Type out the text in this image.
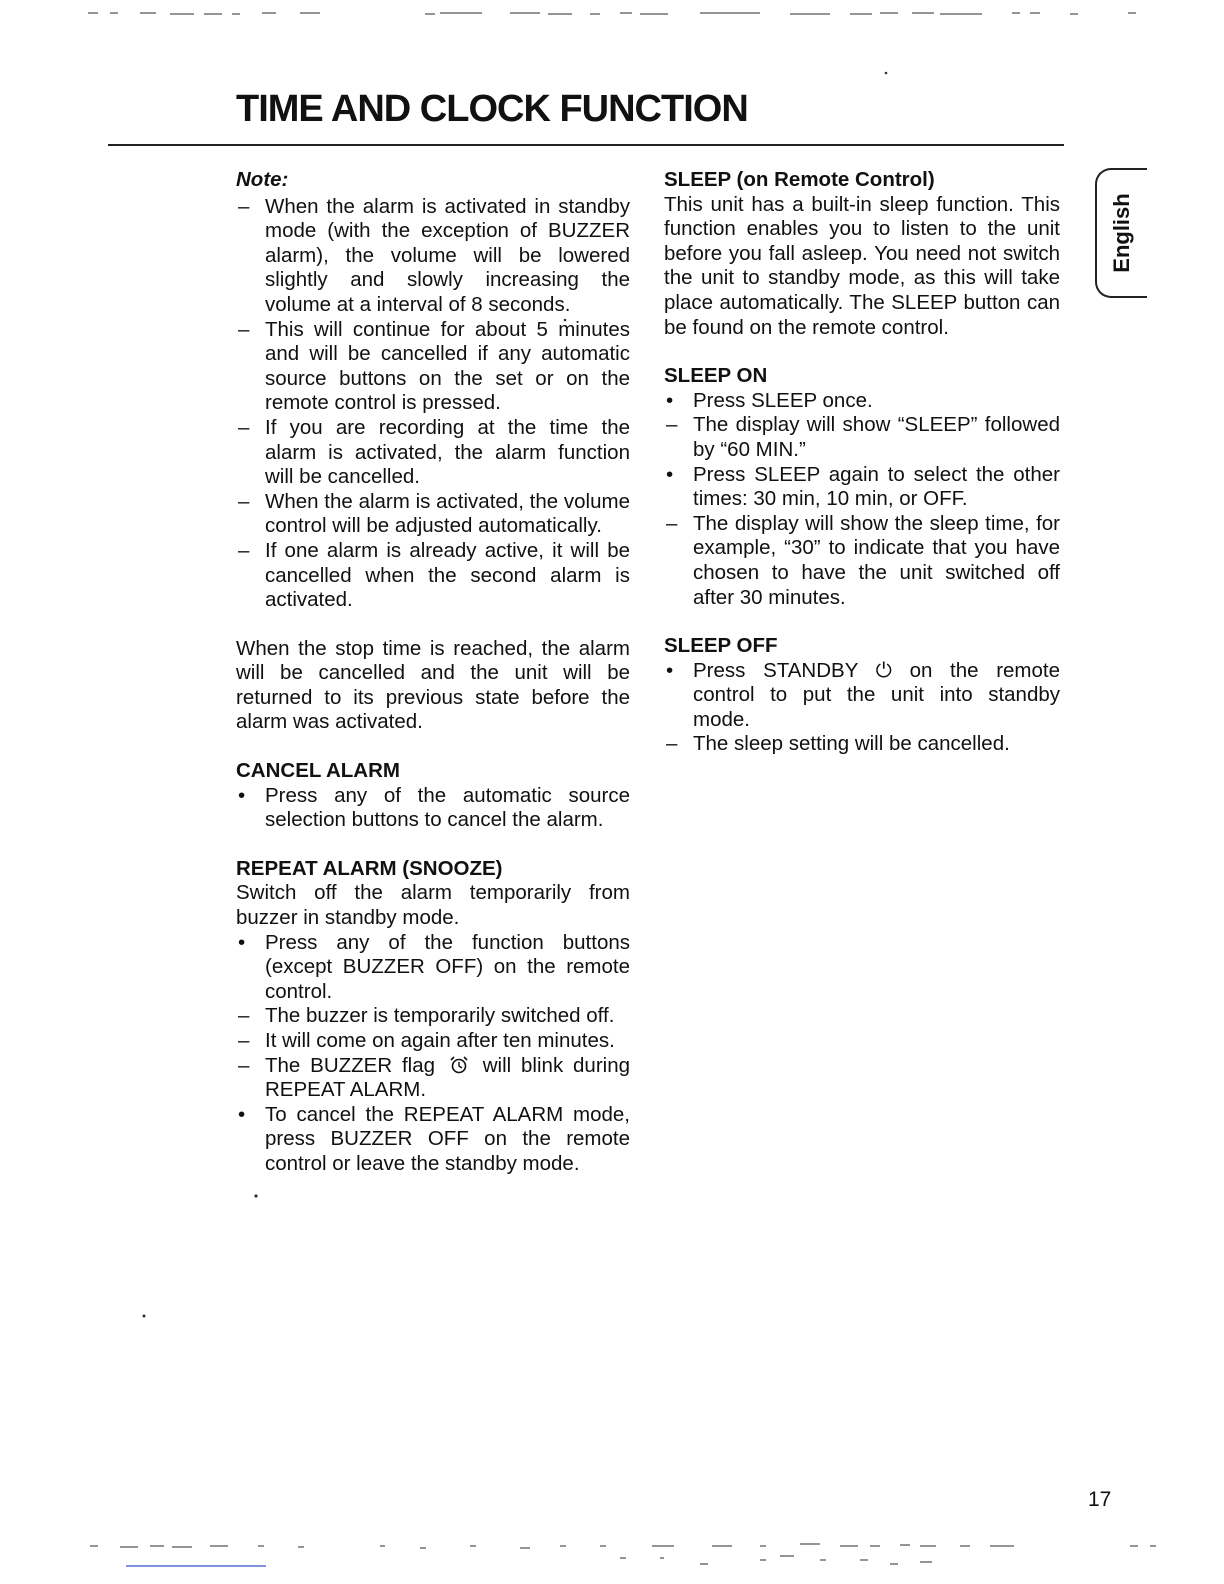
TIME AND CLOCK FUNCTION
English
Note:
– When the alarm is activated in standby mode (with the exception of BUZZER alarm), the volume will be lowered slightly and slowly increasing the volume at a interval of 8 seconds.
– This will continue for about 5 minutes and will be cancelled if any automatic source buttons on the set or on the remote control is pressed.
– If you are recording at the time the alarm is activated, the alarm function will be cancelled.
– When the alarm is activated, the volume control will be adjusted automatically.
– If one alarm is already active, it will be cancelled when the second alarm is activated.

When the stop time is reached, the alarm will be cancelled and the unit will be returned to its previous state before the alarm was activated.

CANCEL ALARM

• Press any of the automatic source selection buttons to cancel the alarm.

REPEAT ALARM (SNOOZE)

Switch off the alarm temporarily from buzzer in standby mode.

• Press any of the function buttons (except BUZZER OFF) on the remote control.
– The buzzer is temporarily switched off.
– It will come on again after ten minutes.
– The BUZZER flag will blink during REPEAT ALARM.
• To cancel the REPEAT ALARM mode, press BUZZER OFF on the remote control or leave the standby mode.

SLEEP (on Remote Control)

This unit has a built-in sleep function. This function enables you to listen to the unit before you fall asleep. You need not switch the unit to standby mode, as this will take place automatically. The SLEEP button can be found on the remote control.

SLEEP ON

• Press SLEEP once.
– The display will show “SLEEP” followed by “60 MIN.”
• Press SLEEP again to select the other times: 30 min, 10 min, or OFF.
– The display will show the sleep time, for example, “30” to indicate that you have chosen to have the unit switched off after 30 minutes.

SLEEP OFF

• Press STANDBY ⏻ on the remote control to put the unit into standby mode.
– The sleep setting will be cancelled.
17
